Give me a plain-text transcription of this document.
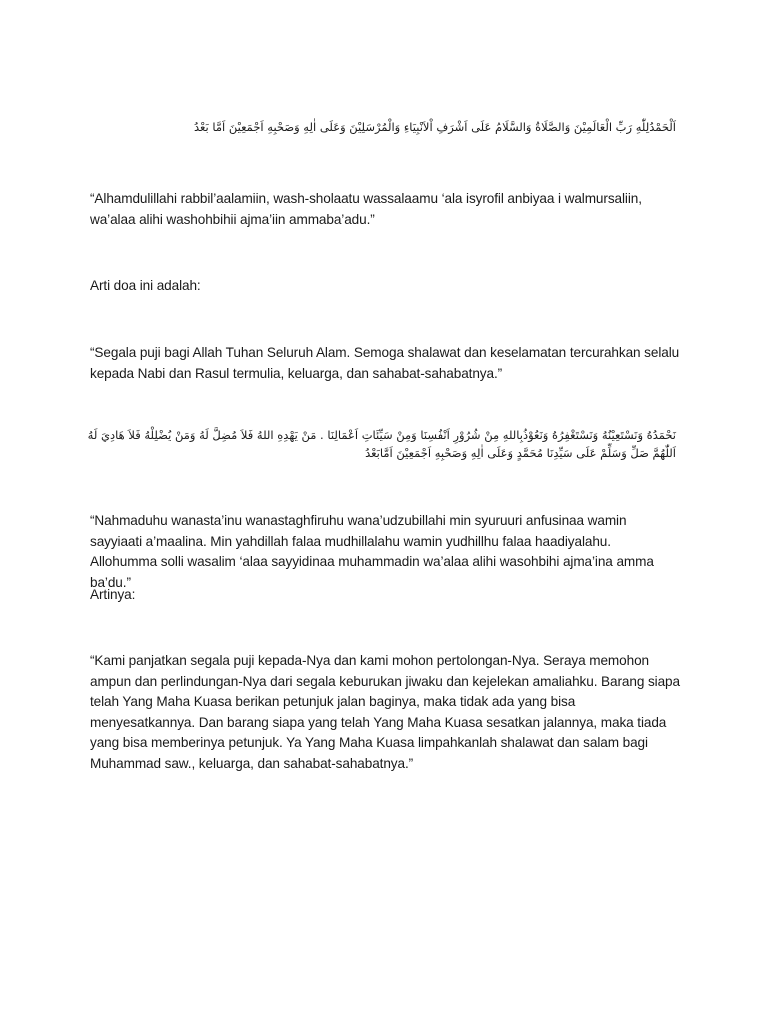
اَلْحَمْدُلِلّٰهِ رَبِّ الْعَالَمِيْنَ وَالصَّلَاةُ وَالسَّلَامُ عَلَى اَشْرَفِ اْلاَنْبِيَاءِ وَالْمُرْسَلِيْنَ وَعَلَى اٰلِهِ وَصَحْبِهِ اَجْمَعِيْنَ اَمَّا بَعْدُ
“Alhamdulillahi rabbil’aalamiin, wash-sholaatu wassalaamu ‘ala isyrofil anbiyaa i walmursaliin, wa’alaa alihi washohbihii ajma’iin ammaba’adu.”
Arti doa ini adalah:
“Segala puji bagi Allah Tuhan Seluruh Alam. Semoga shalawat dan keselamatan tercurahkan selalu kepada Nabi dan Rasul termulia, keluarga, dan sahabat-sahabatnya.”
نَحْمَدُهُ وَنَسْتَعِيْنُهُ وَنَسْتَغْفِرُهُ وَنَعُوْذُبِاللهِ مِنْ شُرُوْرِ اَنْفُسِنَا وَمِنْ سَيِّئَاتِ اَعْمَالِنَا . مَنْ يَهْدِهِ اللهُ فَلاَ مُضِلَّ لَهُ وَمَنْ يُضْلِلْهُ فَلاَ هَادِيَ لَهُ اَللّٰهُمَّ صَلِّ وَسَلِّمْ عَلَى سَيِّدِنَا مُحَمَّدٍ وَعَلَى اٰلِهِ وَصَحْبِهِ اَجْمَعِيْنَ اَمَّابَعْدُ
“Nahmaduhu wanasta’inu wanastaghfiruhu wana’udzubillahi min syuruuri anfusinaa wamin sayyiaati a’maalina. Min yahdillah falaa mudhillalahu wamin yudhillhu falaa haadiyalahu. Allohumma solli wasalim ‘alaa sayyidinaa muhammadin wa’alaa alihi wasohbihi ajma’ina amma ba’du.”
Artinya:
“Kami panjatkan segala puji kepada-Nya dan kami mohon pertolongan-Nya. Seraya memohon ampun dan perlindungan-Nya dari segala keburukan jiwaku dan kejelekan amaliahku. Barang siapa telah Yang Maha Kuasa berikan petunjuk jalan baginya, maka tidak ada yang bisa menyesatkannya. Dan barang siapa yang telah Yang Maha Kuasa sesatkan jalannya, maka tiada yang bisa memberinya petunjuk. Ya Yang Maha Kuasa limpahkanlah shalawat dan salam bagi Muhammad saw., keluarga, dan sahabat-sahabatnya.”
